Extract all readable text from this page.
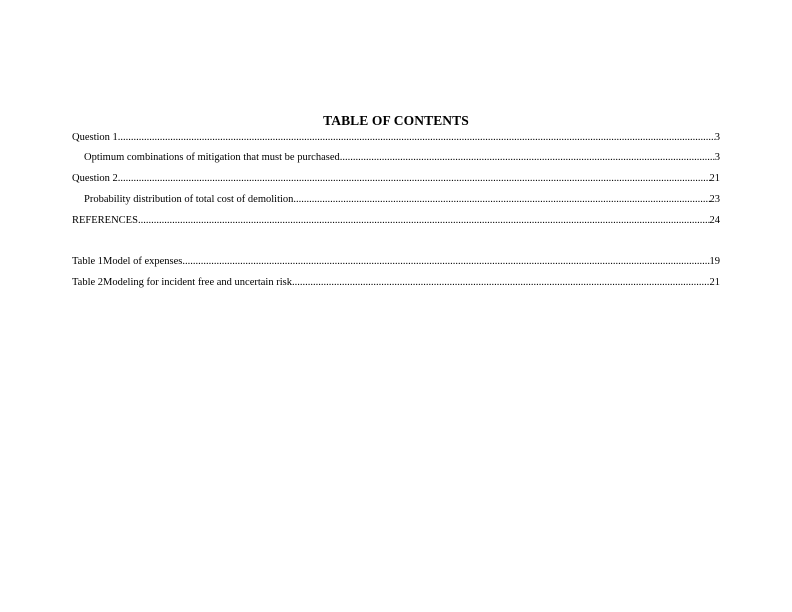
TABLE OF CONTENTS
Question 1 .....	3
Optimum combinations of mitigation that must be purchased .....	3
Question 2 .....	21
Probability distribution of total cost of demolition .....	23
REFERENCES .....	24
Table 1Model of expenses .....	19
Table 2Modeling for incident free and uncertain risk .....	21
